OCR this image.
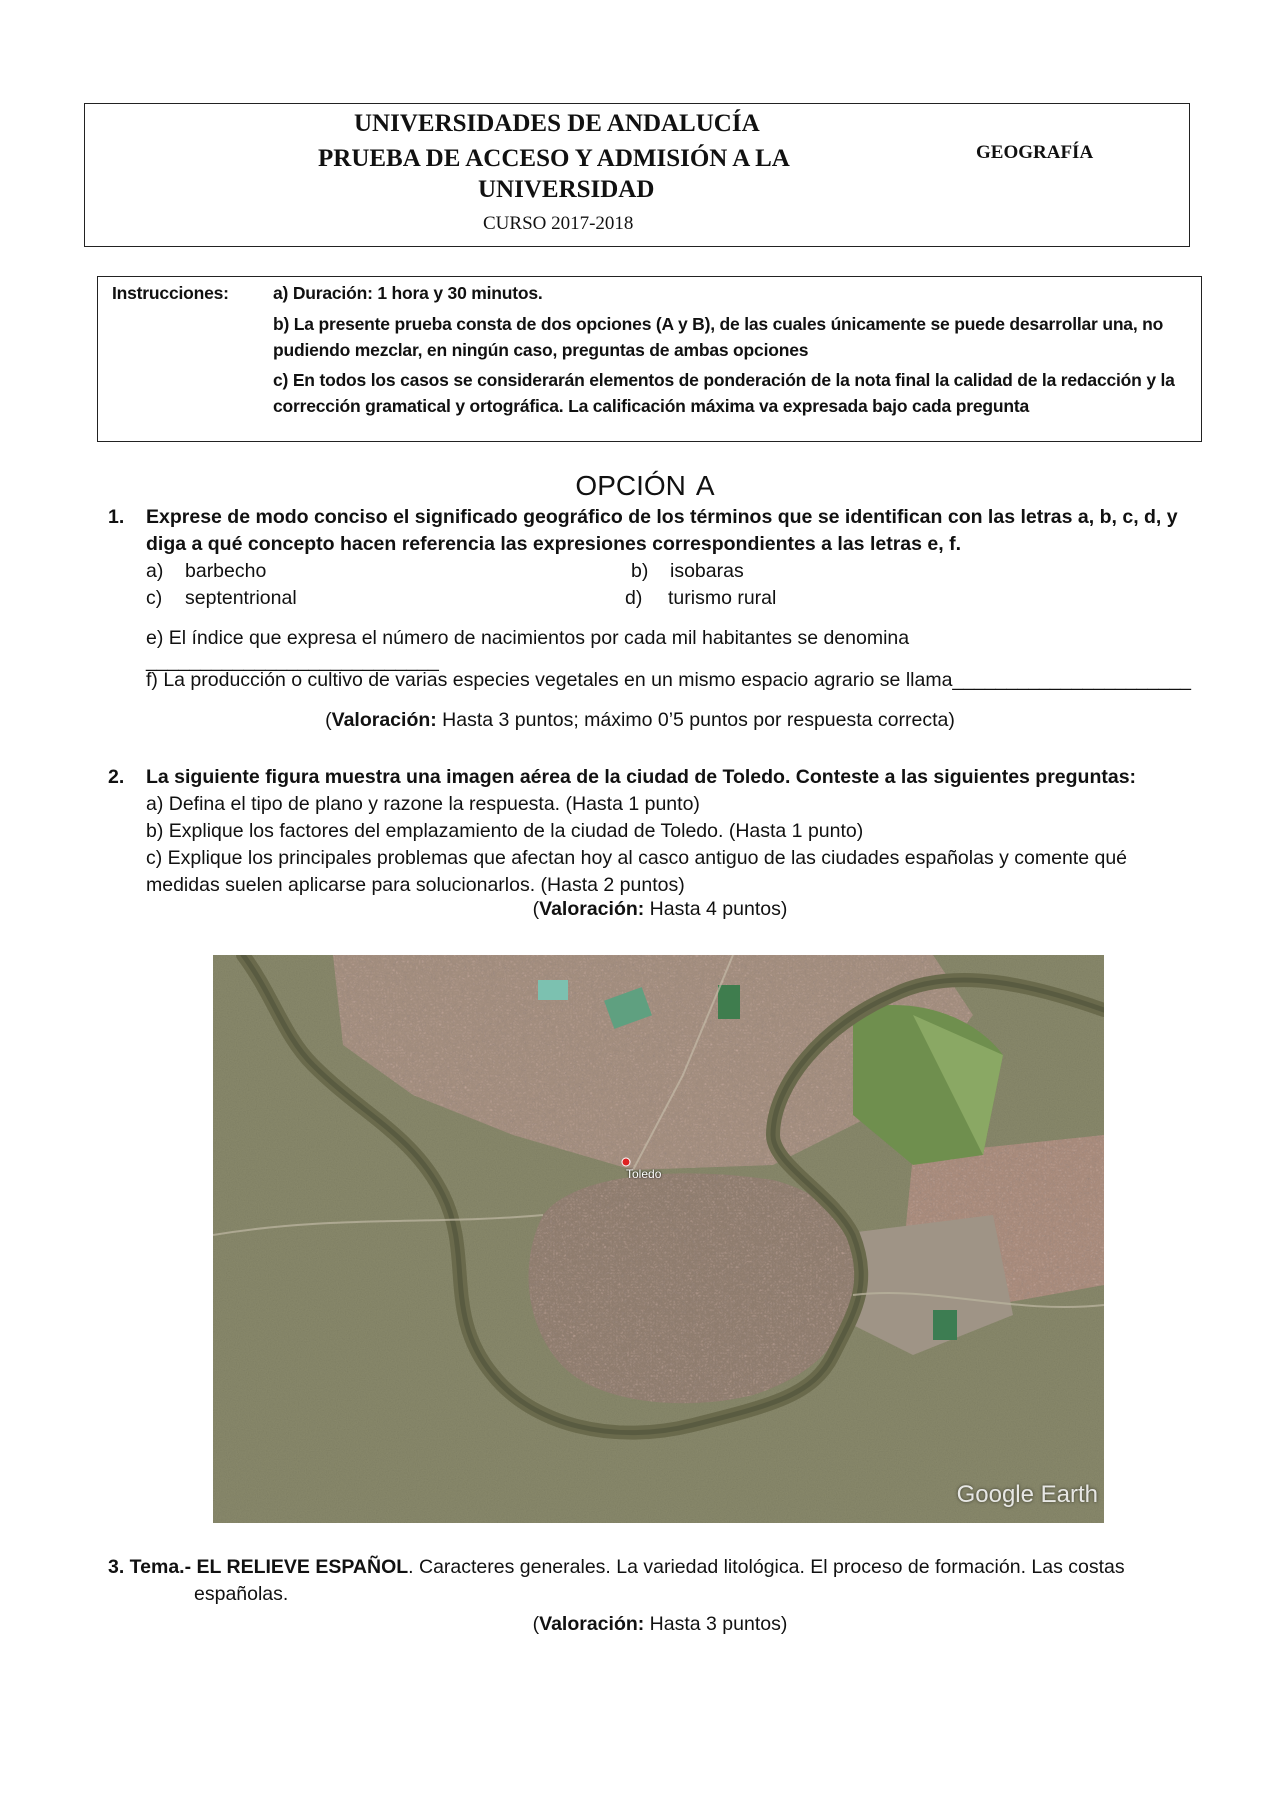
UNIVERSIDADES DE ANDALUCÍA
PRUEBA DE ACCESO Y ADMISIÓN A LA
UNIVERSIDAD
CURSO 2017-2018
GEOGRAFÍA
Instrucciones:	a) Duración: 1 hora y 30 minutos.
b) La presente prueba consta de dos opciones (A y B), de las cuales únicamente se puede desarrollar una, no pudiendo mezclar, en ningún caso, preguntas de ambas opciones
c) En todos los casos se considerarán elementos de ponderación de la nota final la calidad de la redacción y la corrección gramatical y ortográfica. La calificación máxima va expresada bajo cada pregunta
OPCIÓN A
1. Exprese de modo conciso el significado geográfico de los términos que se identifican con las letras a, b, c, d, y diga a qué concepto hacen referencia las expresiones correspondientes a las letras e, f.
a) barbecho	b) isobaras
c) septentrional	d) turismo rural
e) El índice que expresa el número de nacimientos por cada mil habitantes se denomina ___________________________
f) La producción o cultivo de varias especies vegetales en un mismo espacio agrario se llama______________________
(Valoración: Hasta 3 puntos; máximo 0’5 puntos por respuesta correcta)
2. La siguiente figura muestra una imagen aérea de la ciudad de Toledo. Conteste a las siguientes preguntas:
a) Defina el tipo de plano y razone la respuesta. (Hasta 1 punto)
b) Explique los factores del emplazamiento de la ciudad de Toledo. (Hasta 1 punto)
c) Explique los principales problemas que afectan hoy al casco antiguo de las ciudades españolas y comente qué medidas suelen aplicarse para solucionarlos. (Hasta 2 puntos)
(Valoración: Hasta 4 puntos)
Toledo
Google Earth
3. Tema.- EL RELIEVE ESPAÑOL. Caracteres generales. La variedad litológica. El proceso de formación. Las costas
españolas.
(Valoración: Hasta 3 puntos)
